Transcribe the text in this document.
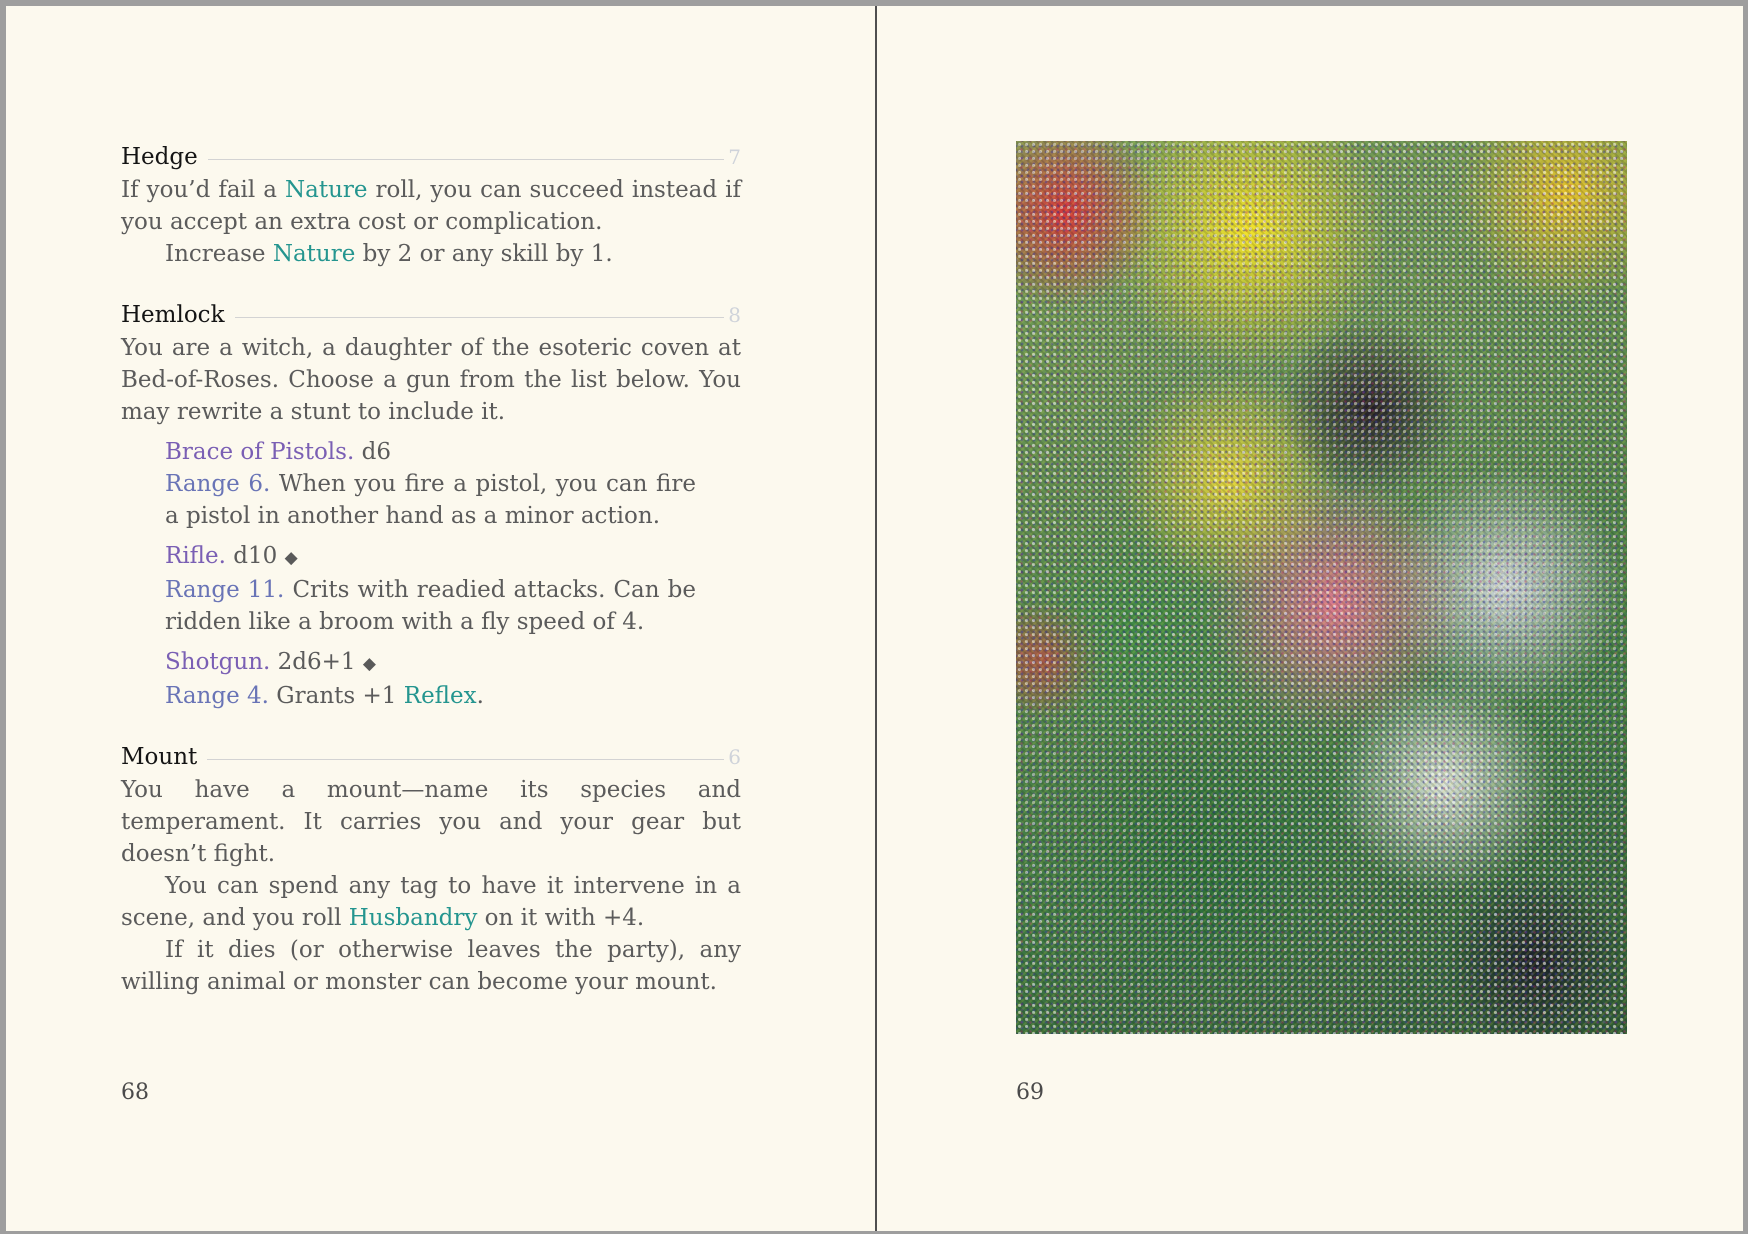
Hedge	7

If you’d fail a Nature roll, you can succeed instead if you accept an extra cost or complication.

Increase Nature by 2 or any skill by 1.

Hemlock	8

You are a witch, a daughter of the esoteric coven at Bed-of-Roses. Choose a gun from the list below. You may rewrite a stunt to include it.

Brace of Pistols. d6

Range 6. When you fire a pistol, you can fire a pistol in another hand as a minor action.

Rifle. d10 ◆

Range 11. Crits with readied attacks. Can be ridden like a broom with a fly speed of 4.

Shotgun. 2d6+1 ◆

Range 4. Grants +1 Reflex.

Mount	6

You have a mount—name its species and temperament. It carries you and your gear but doesn’t fight.

You can spend any tag to have it intervene in a scene, and you roll Husbandry on it with +4.

If it dies (or otherwise leaves the party), any willing animal or monster can become your mount.

68	69
